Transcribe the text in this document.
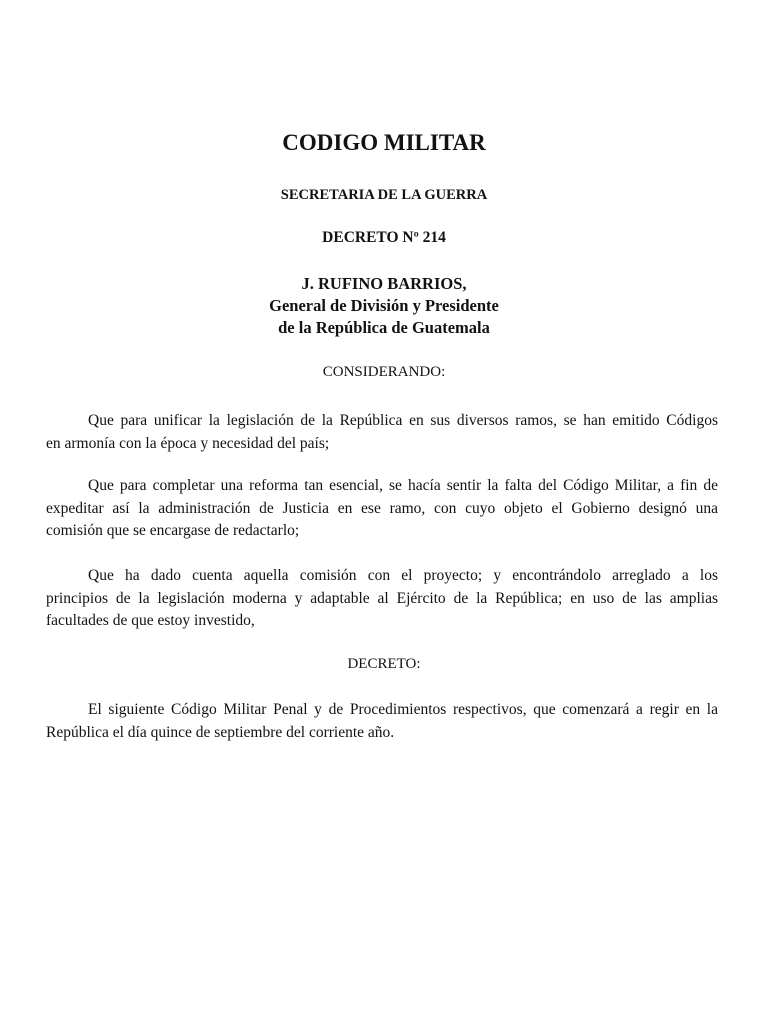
CODIGO MILITAR
SECRETARIA DE LA GUERRA
DECRETO Nº 214
J. RUFINO BARRIOS,
General de División y Presidente
de la República de Guatemala
CONSIDERANDO:
Que para unificar la legislación de la República en sus diversos ramos, se han emitido Códigos
en armonía con la época y necesidad del país;
Que para completar una reforma tan esencial, se hacía sentir la falta del Código Militar, a fin de
expeditar así la administración de Justicia en ese ramo, con cuyo objeto el Gobierno designó una
comisión que se encargase de redactarlo;
Que ha dado cuenta aquella comisión con el proyecto; y encontrándolo arreglado a los
principios de la legislación moderna y adaptable al Ejército de la República; en uso de las amplias
facultades de que estoy investido,
DECRETO:
El siguiente Código Militar Penal y de Procedimientos respectivos, que comenzará a regir en la
República el día quince de septiembre del corriente año.
